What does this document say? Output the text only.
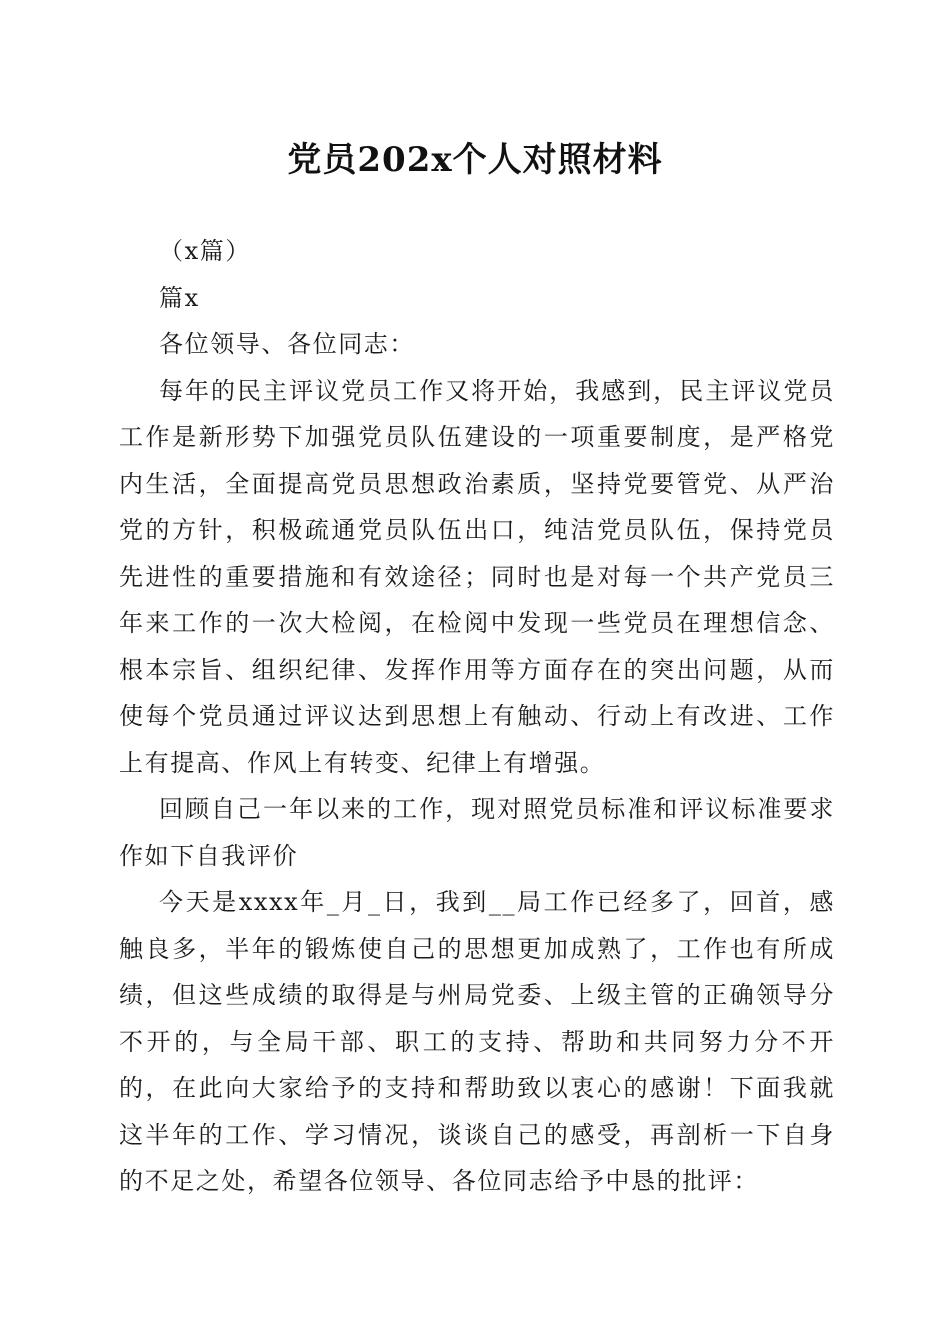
党员202x个人对照材料

（x篇）

篇x

各位领导、各位同志：

每年的民主评议党员工作又将开始，我感到，民主评议党员工作是新形势下加强党员队伍建设的一项重要制度，是严格党内生活，全面提高党员思想政治素质，坚持党要管党、从严治党的方针，积极疏通党员队伍出口，纯洁党员队伍，保持党员先进性的重要措施和有效途径；同时也是对每一个共产党员三年来工作的一次大检阅，在检阅中发现一些党员在理想信念、根本宗旨、组织纪律、发挥作用等方面存在的突出问题，从而使每个党员通过评议达到思想上有触动、行动上有改进、工作上有提高、作风上有转变、纪律上有增强。

回顾自己一年以来的工作，现对照党员标准和评议标准要求作如下自我评价

今天是xxxx年_月_日，我到__局工作已经多了，回首，感触良多，半年的锻炼使自己的思想更加成熟了，工作也有所成绩，但这些成绩的取得是与州局党委、上级主管的正确领导分不开的，与全局干部、职工的支持、帮助和共同努力分不开的，在此向大家给予的支持和帮助致以衷心的感谢！下面我就这半年的工作、学习情况，谈谈自己的感受，再剖析一下自身的不足之处，希望各位领导、各位同志给予中恳的批评：
